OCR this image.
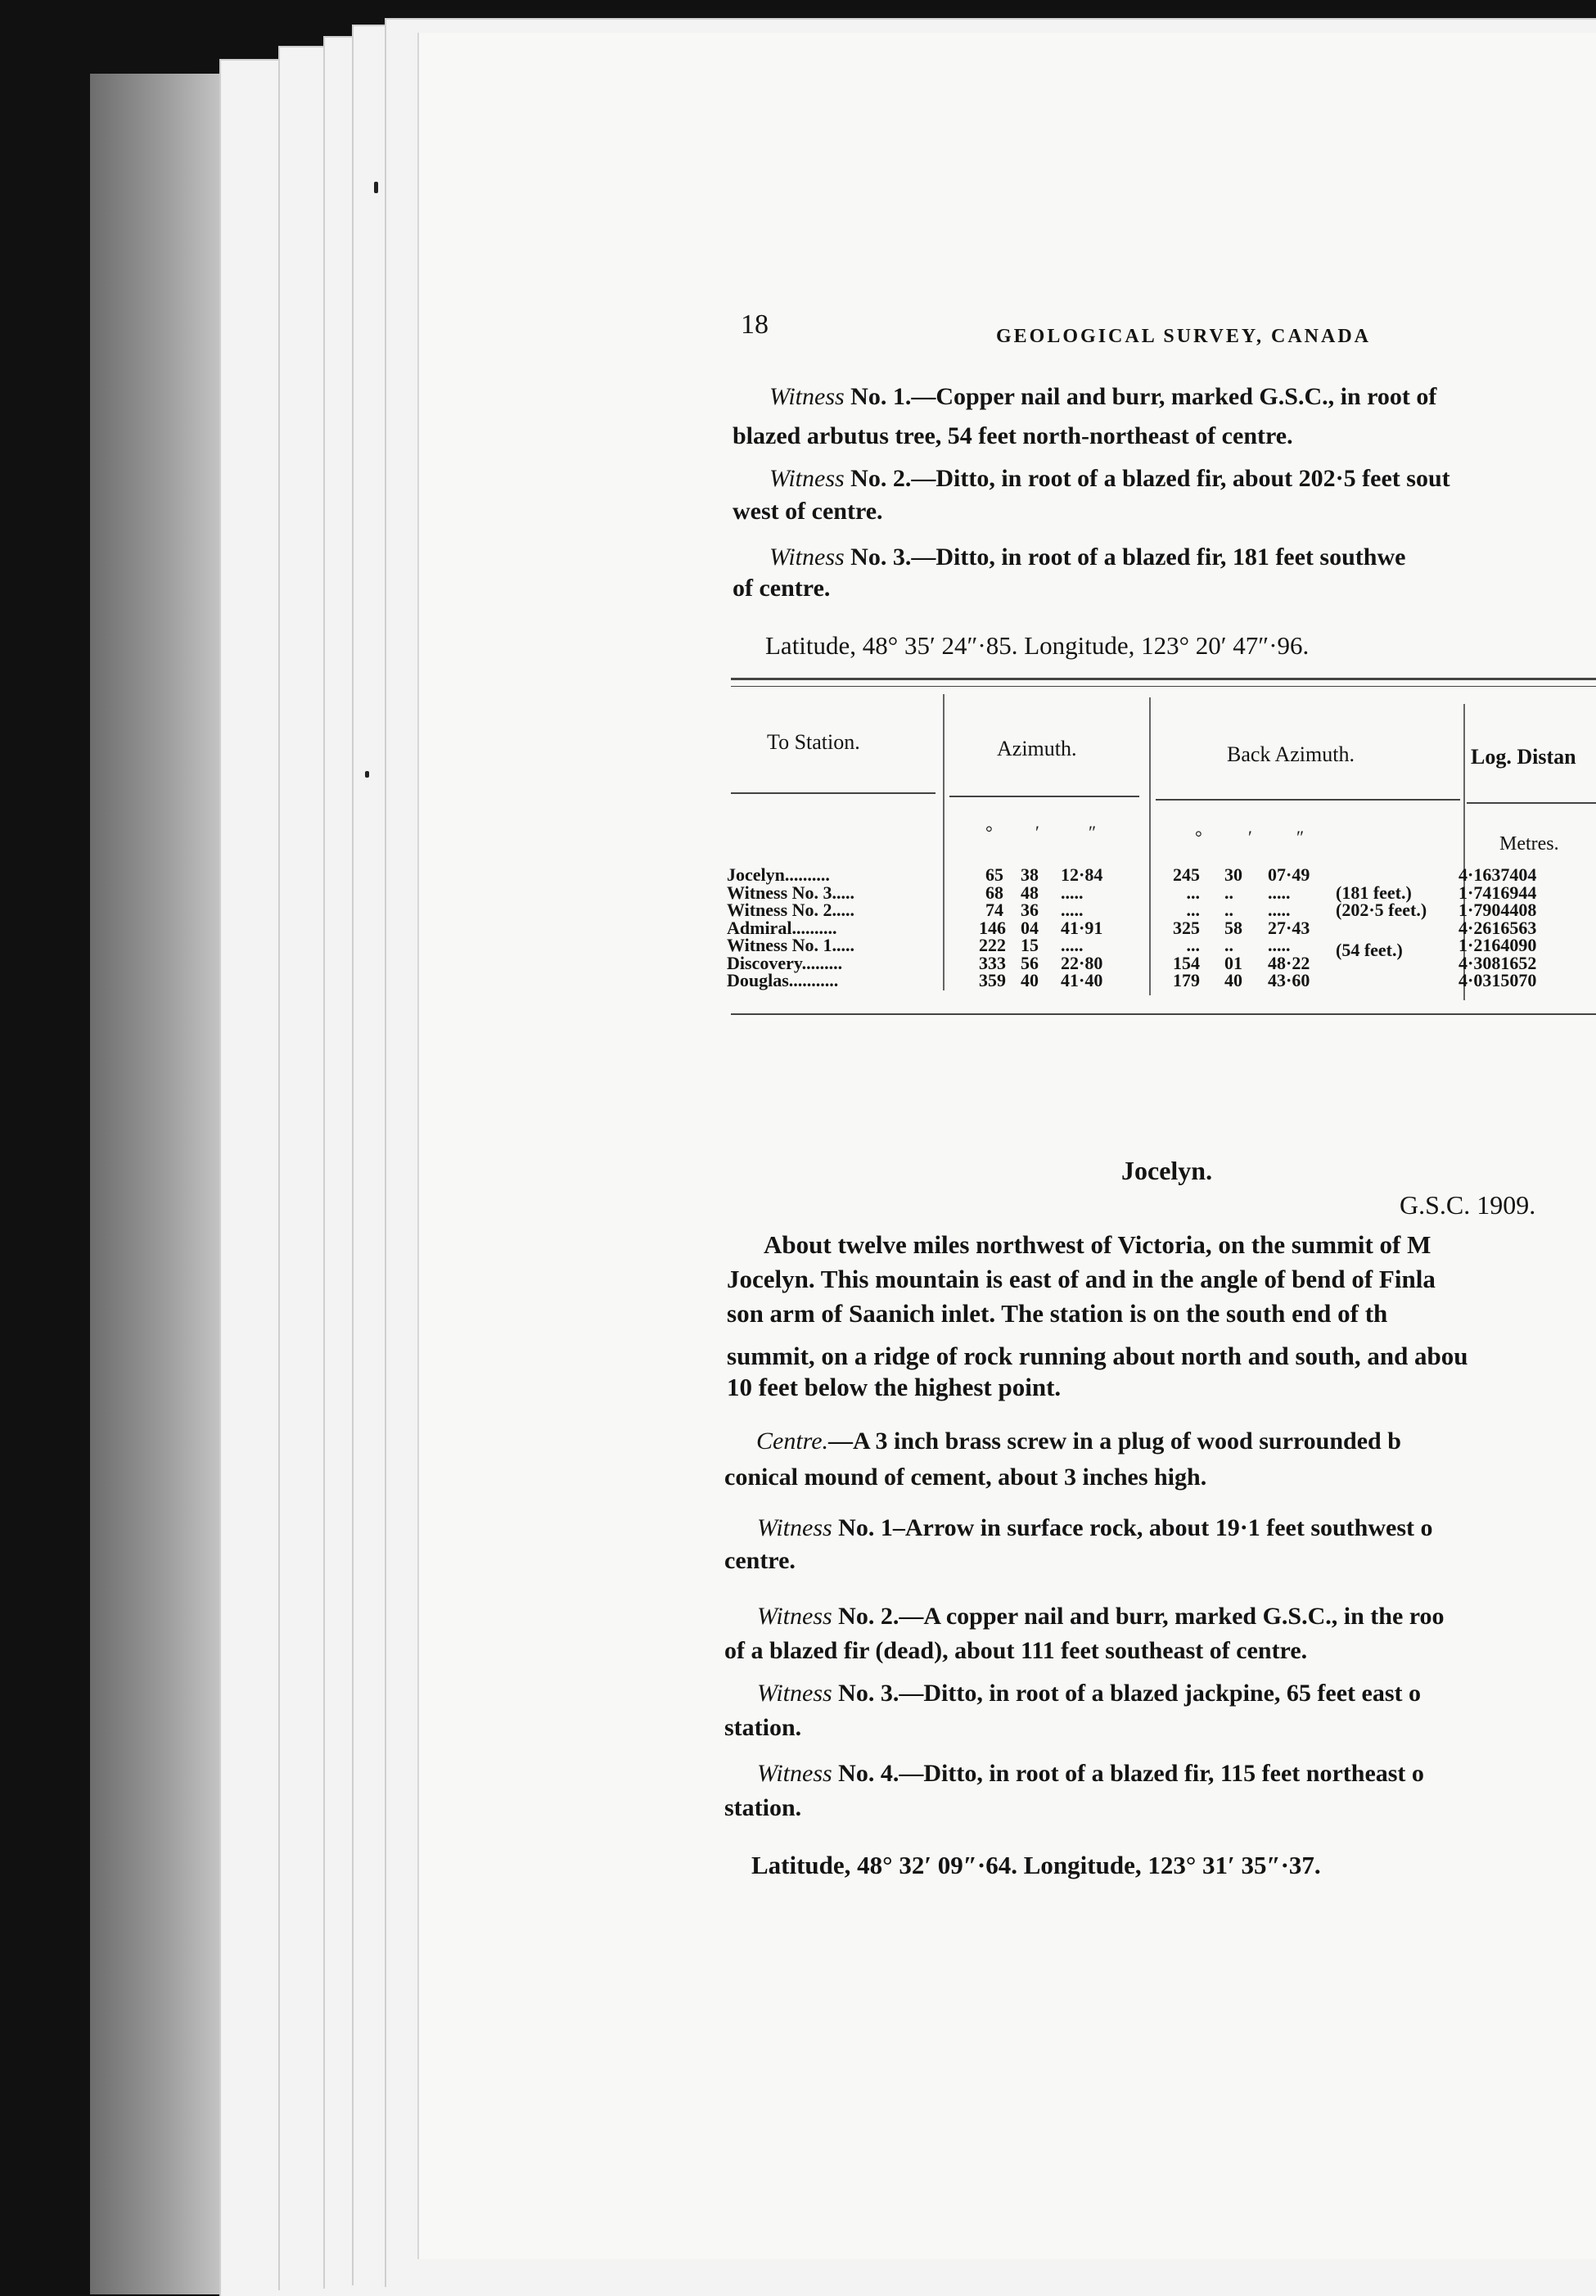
18	GEOLOGICAL SURVEY, CANADA
Witness No. 1.—Copper nail and burr, marked G.S.C., in root of
blazed arbutus tree, 54 feet north-northeast of centre.
Witness No. 2.—Ditto, in root of a blazed fir, about 202·5 feet sout
west of centre.
Witness No. 3.—Ditto, in root of a blazed fir, 181 feet southwe
of centre.
Latitude, 48° 35′ 24″·85. Longitude, 123° 20′ 47″·96.
To Station.	Azimuth.	Back Azimuth.	Log. Distan
° ′	″	°	′ ″	Metres.
Jocelyn..........	65 38 12·84	245 30 07·49	4·1637404
Witness No. 3.....	68 48 .....	... .. .....	(181 feet.)	1·7416944
Witness No. 2.....	74 36 .....	... .. .....	(202·5 feet.) 1·7904408
Admiral..........	146 04 41·91	325 58 27·43	4·2616563
Witness No. 1.....	222 15 .....	... .. .....	(54 feet.)	1·2164090
Discovery.........	333 56 22·80	154 01 48·22	4·3081652
Douglas...........	359 40 41·40	179 40 43·60	4·0315070
Jocelyn.
G.S.C. 1909.
About twelve miles northwest of Victoria, on the summit of M
Jocelyn. This mountain is east of and in the angle of bend of Finla
son arm of Saanich inlet. The station is on the south end of th
summit, on a ridge of rock running about north and south, and abou
10 feet below the highest point.
Centre.—A 3 inch brass screw in a plug of wood surrounded b
conical mound of cement, about 3 inches high.
Witness No. 1–Arrow in surface rock, about 19·1 feet southwest o
centre.
Witness No. 2.—A copper nail and burr, marked G.S.C., in the roo
of a blazed fir (dead), about 111 feet southeast of centre.
Witness No. 3.—Ditto, in root of a blazed jackpine, 65 feet east o
station.
Witness No. 4.—Ditto, in root of a blazed fir, 115 feet northeast o
station.
Latitude, 48° 32′ 09″·64. Longitude, 123° 31′ 35″·37.
